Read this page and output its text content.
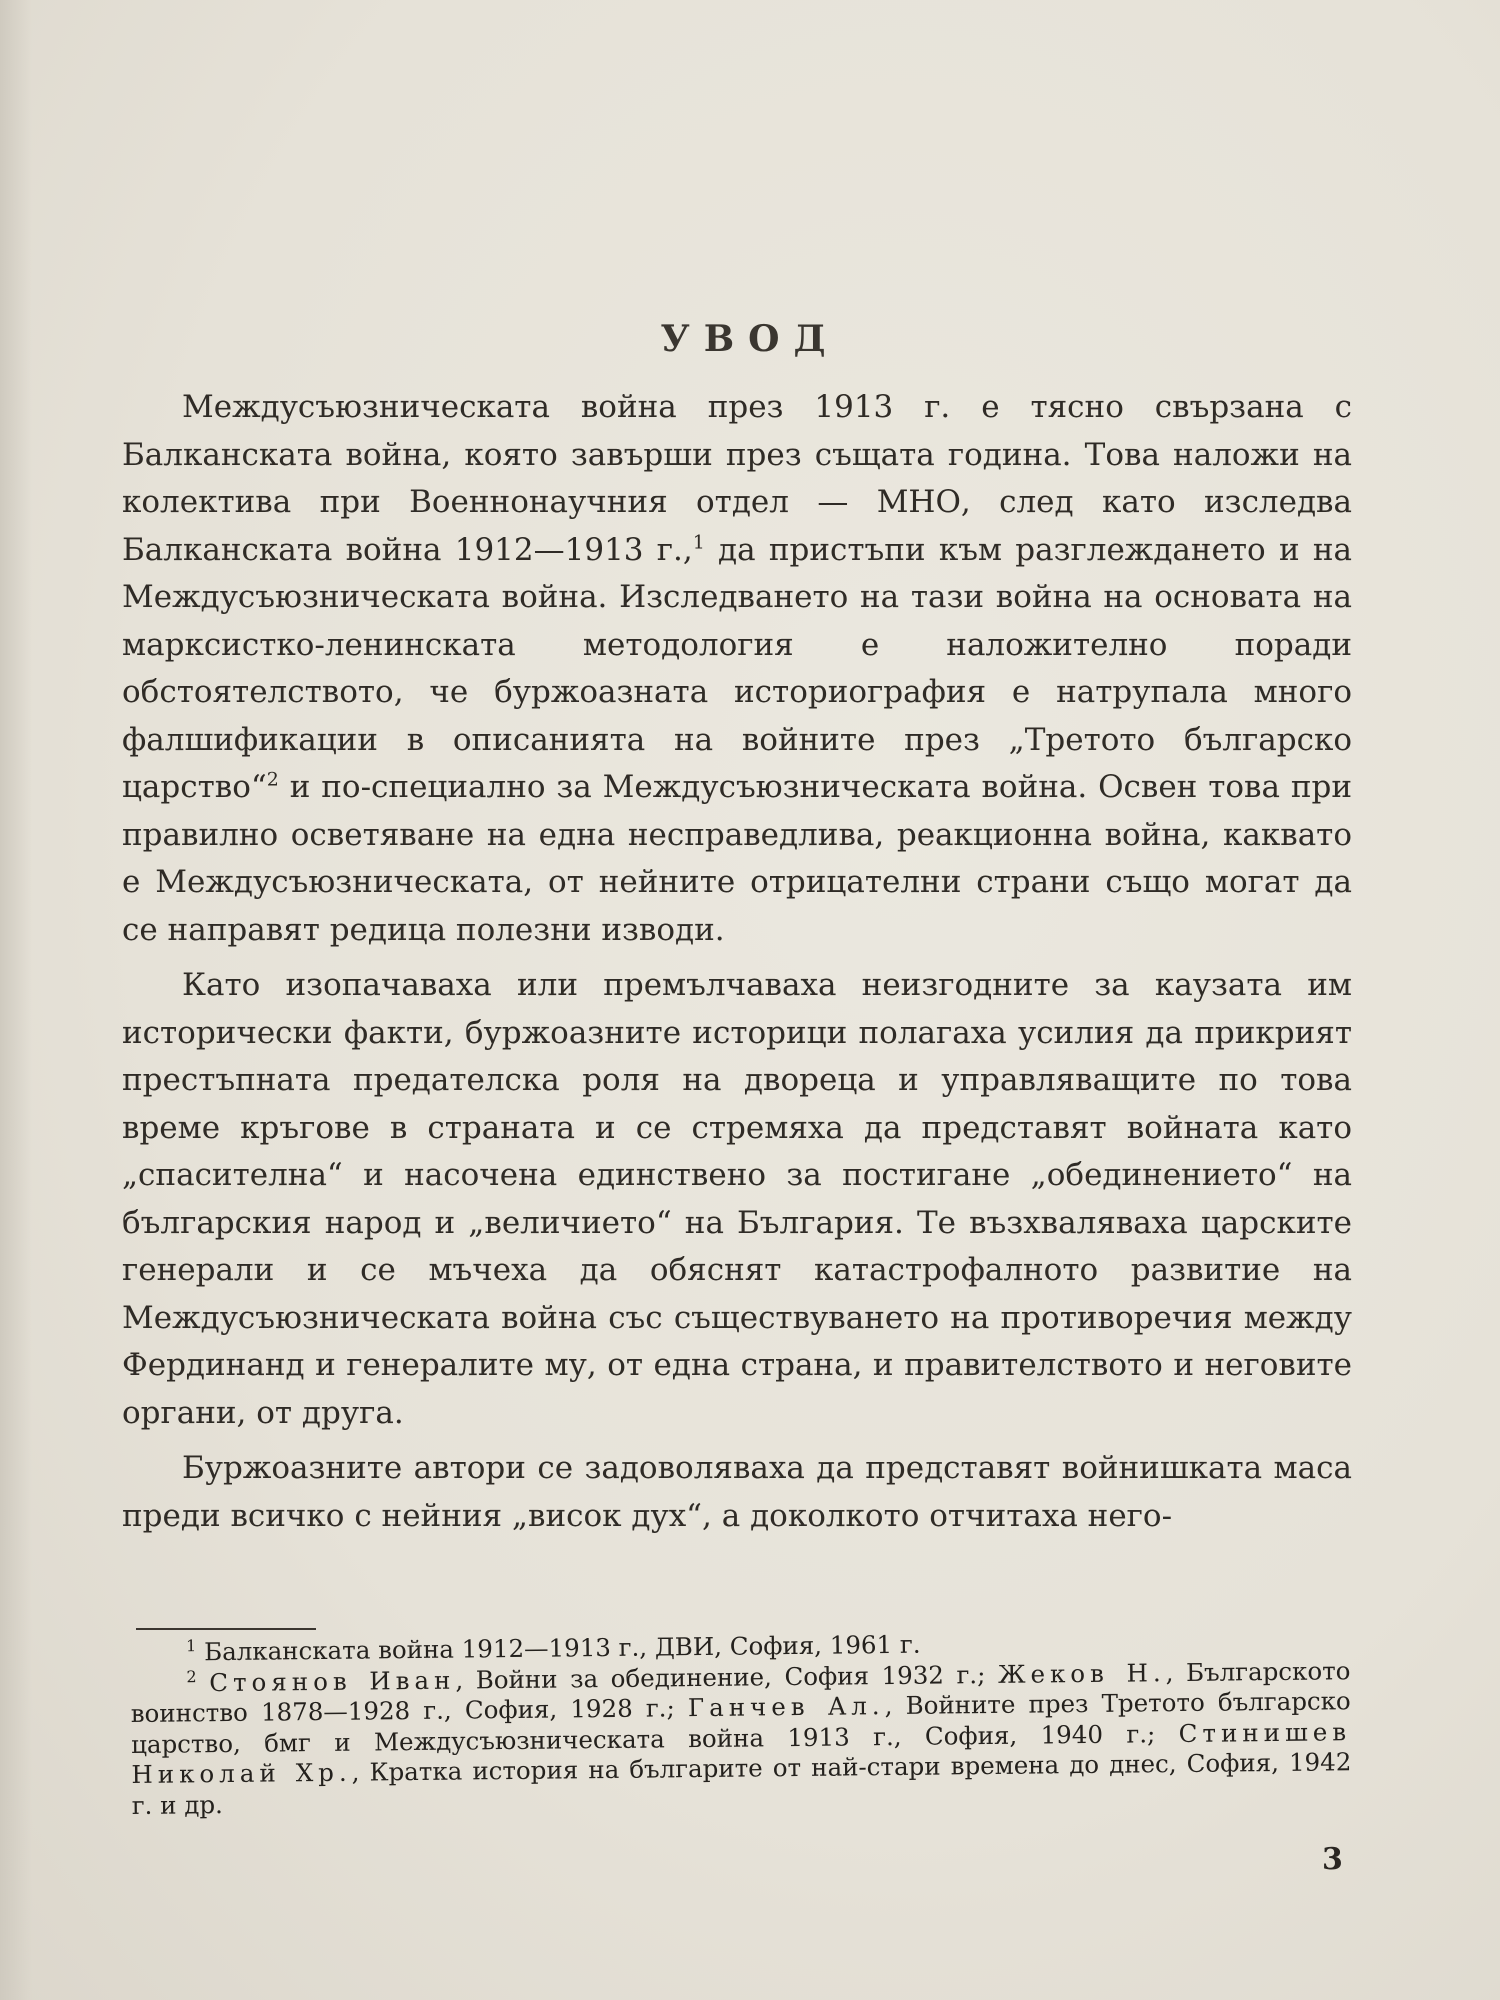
УВОД

Междусъюзническата война през 1913 г. е тясно свързана с Балканската война, която завърши през същата година. Това наложи на колектива при Военнонаучния отдел — МНО, след като изследва Балканската война 1912—1913 г.,$^1$ да пристъпи към разглеждането и на Междусъюзническата война. Изследването на тази война на основата на марксистко-ленинската методология е наложително поради обстоятелството, че буржоазната историография е натрупала много фалшификации в описанията на войните през „Третото българско царство“$^2$ и по-специално за Междусъюзническата война. Освен това при правилно осветяване на една несправедлива, реакционна война, каквато е Междусъюзническата, от нейните отрицателни страни също могат да се направят редица полезни изводи.

Като изопачаваха или премълчаваха неизгодните за каузата им исторически факти, буржоазните историци полагаха усилия да прикрият престъпната предателска роля на двореца и управляващите по това време кръгове в страната и се стремяха да представят войната като „спасителна“ и насочена единствено за постигане „обединението“ на българския народ и „величието“ на България. Те възхваляваха царските генерали и се мъчеха да обяснят катастрофалното развитие на Междусъюзническата война със съществуването на противоречия между Фердинанд и генералите му, от една страна, и правителството и неговите органи, от друга.

Буржоазните автори се задоволяваха да представят войнишката маса преди всичко с нейния „висок дух“, а доколкото отчитаха него-

$^1$ Балканската война 1912—1913 г., ДВИ, София, 1961 г.

$^2$ Стоянов Иван, Войни за обединение, София 1932 г.; Жеков Н., Българското воинство 1878—1928 г., София, 1928 г.; Ганчев Ал., Войните през Третото българско царство, бмг и Междусъюзническата война 1913 г., София, 1940 г.; Стинишев Николай Хр., Кратка история на българите от най-стари времена до днес, София, 1942 г. и др.

3
